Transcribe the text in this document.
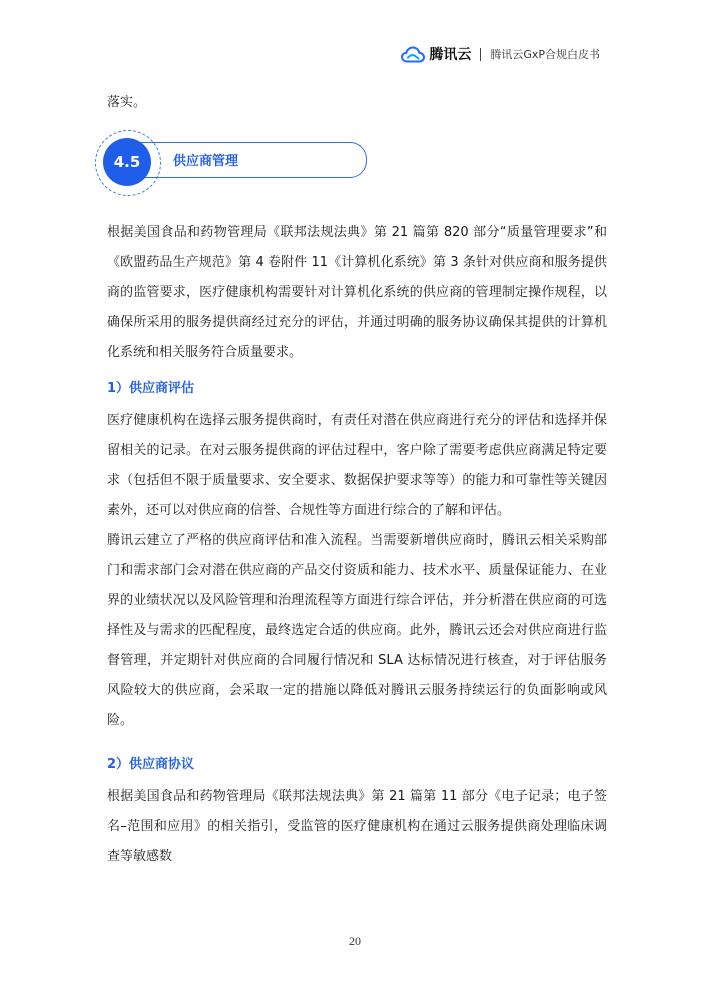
腾讯云 腾讯云GxP合规白皮书

落实。

供应商管理
4.5

根据美国食品和药物管理局《联邦法规法典》第 21 篇第 820 部分“质量管理要求”和《欧盟药品生产规范》第 4 卷附件 11《计算机化系统》第 3 条针对供应商和服务提供商的监管要求，医疗健康机构需要针对计算机化系统的供应商的管理制定操作规程，以确保所采用的服务提供商经过充分的评估，并通过明确的服务协议确保其提供的计算机化系统和相关服务符合质量要求。

1）供应商评估

医疗健康机构在选择云服务提供商时，有责任对潜在供应商进行充分的评估和选择并保留相关的记录。在对云服务提供商的评估过程中，客户除了需要考虑供应商满足特定要求（包括但不限于质量要求、安全要求、数据保护要求等等）的能力和可靠性等关键因素外，还可以对供应商的信誉、合规性等方面进行综合的了解和评估。

腾讯云建立了严格的供应商评估和准入流程。当需要新增供应商时，腾讯云相关采购部门和需求部门会对潜在供应商的产品交付资质和能力、技术水平、质量保证能力、在业界的业绩状况以及风险管理和治理流程等方面进行综合评估，并分析潜在供应商的可选择性及与需求的匹配程度，最终选定合适的供应商。此外，腾讯云还会对供应商进行监督管理，并定期针对供应商的合同履行情况和 SLA 达标情况进行核查，对于评估服务风险较大的供应商，会采取一定的措施以降低对腾讯云服务持续运行的负面影响或风险。

2）供应商协议

根据美国食品和药物管理局《联邦法规法典》第 21 篇第 11 部分《电子记录；电子签名–范围和应用》的相关指引，受监管的医疗健康机构在通过云服务提供商处理临床调查等敏感数

20
